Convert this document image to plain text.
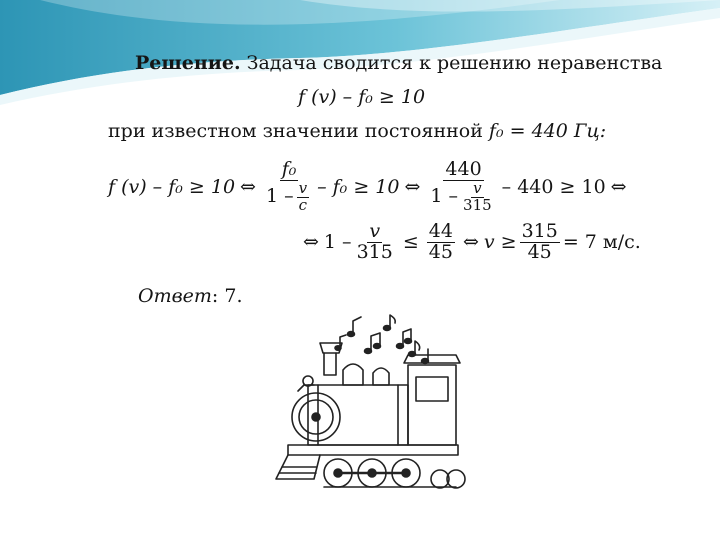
Решение. Задача сводится к решению неравенства
f (v) – f₀ ≥ 10
при известном значении постоянной f₀ = 440 Гц:
f (v) – f₀ ≥ 10 ⇔ $\frac{\text{f₀}}{1 - \frac{v}{c}} - f_0 \ge 10$ ⇔ $\frac{440}{1 - \frac{v}{315}} - 440 \ge 10$ ⇔
⇔ $1 - \frac{v}{315} \le \frac{44}{45}$ ⇔ $v \ge \frac{315}{45} = 7$ м/с.
Ответ: 7.
